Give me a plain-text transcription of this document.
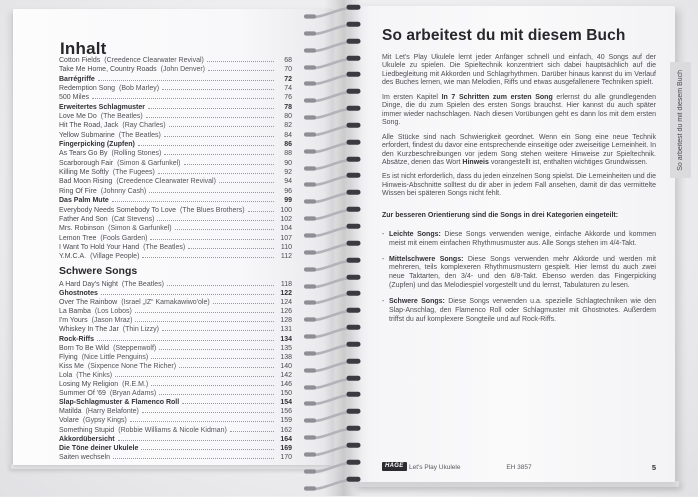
Inhalt
Cotton Fields (Creedence Clearwater Revival)	68
Take Me Home, Country Roads (John Denver)	70
Barrégriffe	72
Redemption Song (Bob Marley)	74
500 Miles	76
Erweitertes Schlagmuster	78
Love Me Do (The Beatles)	80
Hit The Road, Jack (Ray Charles)	82
Yellow Submarine (The Beatles)	84
Fingerpicking (Zupfen)	86
As Tears Go By (Rolling Stones)	88
Scarborough Fair (Simon & Garfunkel)	90
Killing Me Softly (The Fugees)	92
Bad Moon Rising (Creedence Clearwater Revival)	94
Ring Of Fire (Johnny Cash)	96
Das Palm Mute	99
Everybody Needs Somebody To Love (The Blues Brothers)	100
Father And Son (Cat Stevens)	102
Mrs. Robinson (Simon & Garfunkel)	104
Lemon Tree (Fools Garden)	107
I Want To Hold Your Hand (The Beatles)	110
Y.M.C.A. (Village People)	112
Schwere Songs
A Hard Day's Night (The Beatles)	118
Ghostnotes	122
Over The Rainbow (Israel „IZ“ Kamakawiwo'ole)	124
La Bamba (Los Lobos)	126
I'm Yours (Jason Mraz)	128
Whiskey In The Jar (Thin Lizzy)	131
Rock-Riffs	134
Born To Be Wild (Steppenwolf)	135
Flying (Nice Little Penguins)	138
Kiss Me (Sixpence None The Richer)	140
Lola (The Kinks)	142
Losing My Religion (R.E.M.)	146
Summer Of '69 (Bryan Adams)	150
Slap-Schlagmuster & Flamenco Roll	154
Matilda (Harry Belafonte)	156
Volare (Gypsy Kings)	159
Something Stupid (Robbie Williams & Nicole Kidman)	162
Akkordübersicht	164
Die Töne deiner Ukulele	169
Saiten wechseln	170
So arbeitest du mit diesem Buch

Mit Let's Play Ukulele lernt jeder Anfänger schnell und einfach, 40 Songs auf der Ukulele zu spielen. Die Spieltechnik konzentriert sich dabei hauptsächlich auf die Liedbegleitung mit Akkorden und Schlagrhythmen. Darüber hinaus kannst du im Verlauf des Buches lernen, wie man Melodien, Riffs und etwas ausgefallenere Techniken spielt.

Im ersten Kapitel In 7 Schritten zum ersten Song erlernst du alle grundlegenden Dinge, die du zum Spielen des ersten Songs brauchst. Hier kannst du auch später immer wieder nachschlagen. Nach diesen Vorübungen geht es dann los mit dem ersten Song.

Alle Stücke sind nach Schwierigkeit geordnet. Wenn ein Song eine neue Technik erfordert, findest du davor eine entsprechende einseitige oder zweiseitige Lerneinheit. In den Kurzbeschreibungen vor jedem Song stehen weitere Hinweise zur Spieltechnik. Absätze, denen das Wort Hinweis vorangestellt ist, enthalten wichtiges Grundwissen.

Es ist nicht erforderlich, dass du jeden einzelnen Song spielst. Die Lerneinheiten und die Hinweis-Abschnitte solltest du dir aber in jedem Fall ansehen, damit dir das vermittelte Wissen bei späteren Songs nicht fehlt.

Zur besseren Orientierung sind die Songs in drei Kategorien eingeteilt:

- Leichte Songs: Diese Songs verwenden wenige, einfache Akkorde und kommen meist mit einem einfachen Rhythmusmuster aus. Alle Songs stehen im 4/4-Takt.
- Mittelschwere Songs: Diese Songs verwenden mehr Akkorde und werden mit mehreren, teils komplexeren Rhythmusmustern gespielt. Hier lernst du auch zwei neue Taktarten, den 3/4- und den 6/8-Takt. Ebenso werden das Fingerpicking (Zupfen) und das Melodiespiel vorgestellt und du lernst, Tabulaturen zu lesen.
- Schwere Songs: Diese Songs verwenden u.a. spezielle Schlagtechniken wie den Slap-Anschlag, den Flamenco Roll oder Schlagmuster mit Ghostnotes. Außerdem triffst du auf komplexere Songteile und auf Rock-Riffs.
HAGE Let's Play Ukulele	EH 3857	5
So arbeitest du mit diesem Buch
